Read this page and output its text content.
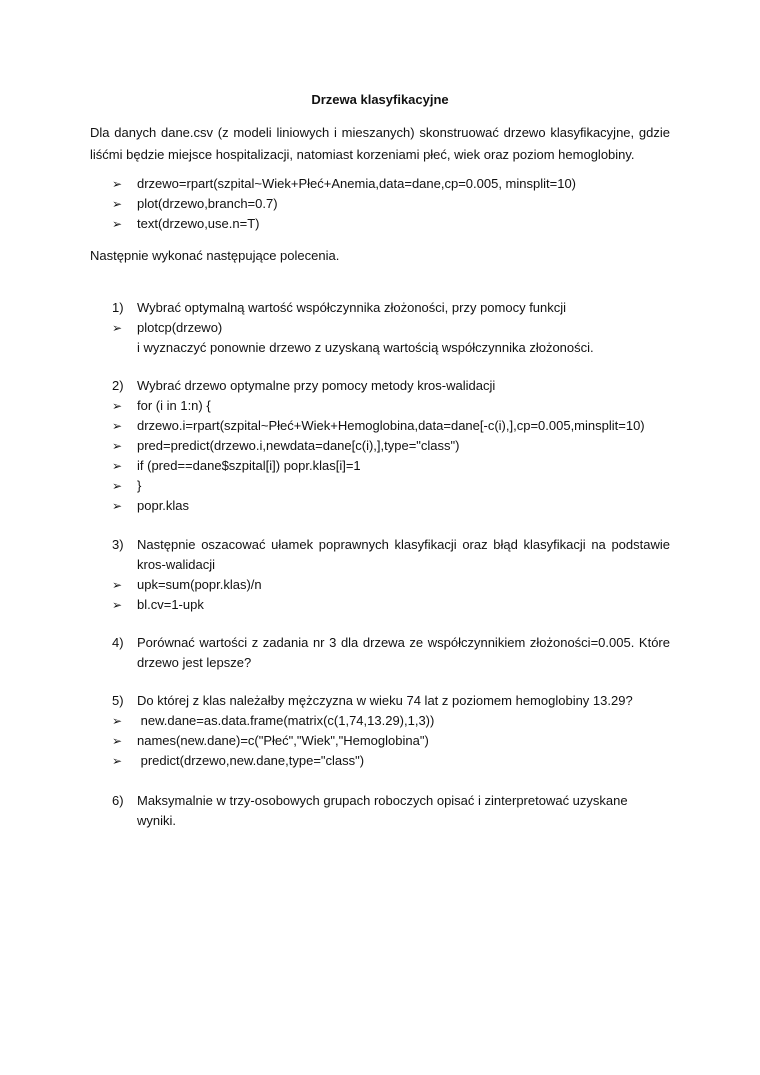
Drzewa klasyfikacyjne
Dla danych dane.csv (z modeli liniowych i mieszanych) skonstruować drzewo klasyfikacyjne, gdzie liśćmi będzie miejsce hospitalizacji, natomiast korzeniami płeć, wiek oraz poziom hemoglobiny.
➢ drzewo=rpart(szpital~Wiek+Płeć+Anemia,data=dane,cp=0.005, minsplit=10)
➢ plot(drzewo,branch=0.7)
➢ text(drzewo,use.n=T)
Następnie wykonać następujące polecenia.
1) Wybrać optymalną wartość współczynnika złożoności, przy pomocy funkcji
➢ plotcp(drzewo)
i wyznaczyć ponownie drzewo z uzyskaną wartością współczynnika złożoności.
2) Wybrać drzewo optymalne przy pomocy metody kros-walidacji
➢ for (i in 1:n) {
➢ drzewo.i=rpart(szpital~Płeć+Wiek+Hemoglobina,data=dane[-c(i),],cp=0.005,minsplit=10)
➢ pred=predict(drzewo.i,newdata=dane[c(i),],type="class")
➢ if (pred==dane$szpital[i]) popr.klas[i]=1
➢ }
➢ popr.klas
3) Następnie oszacować ułamek poprawnych klasyfikacji oraz błąd klasyfikacji na podstawie kros-walidacji
➢ upk=sum(popr.klas)/n
➢ bl.cv=1-upk
4) Porównać wartości z zadania nr 3 dla drzewa ze współczynnikiem złożoności=0.005. Które drzewo jest lepsze?
5) Do której z klas należałby mężczyzna w wieku 74 lat z poziomem hemoglobiny 13.29?
➢ new.dane=as.data.frame(matrix(c(1,74,13.29),1,3))
➢ names(new.dane)=c("Płeć","Wiek","Hemoglobina")
➢ predict(drzewo,new.dane,type="class")
6) Maksymalnie w trzy-osobowych grupach roboczych opisać i zinterpretować uzyskane wyniki.
